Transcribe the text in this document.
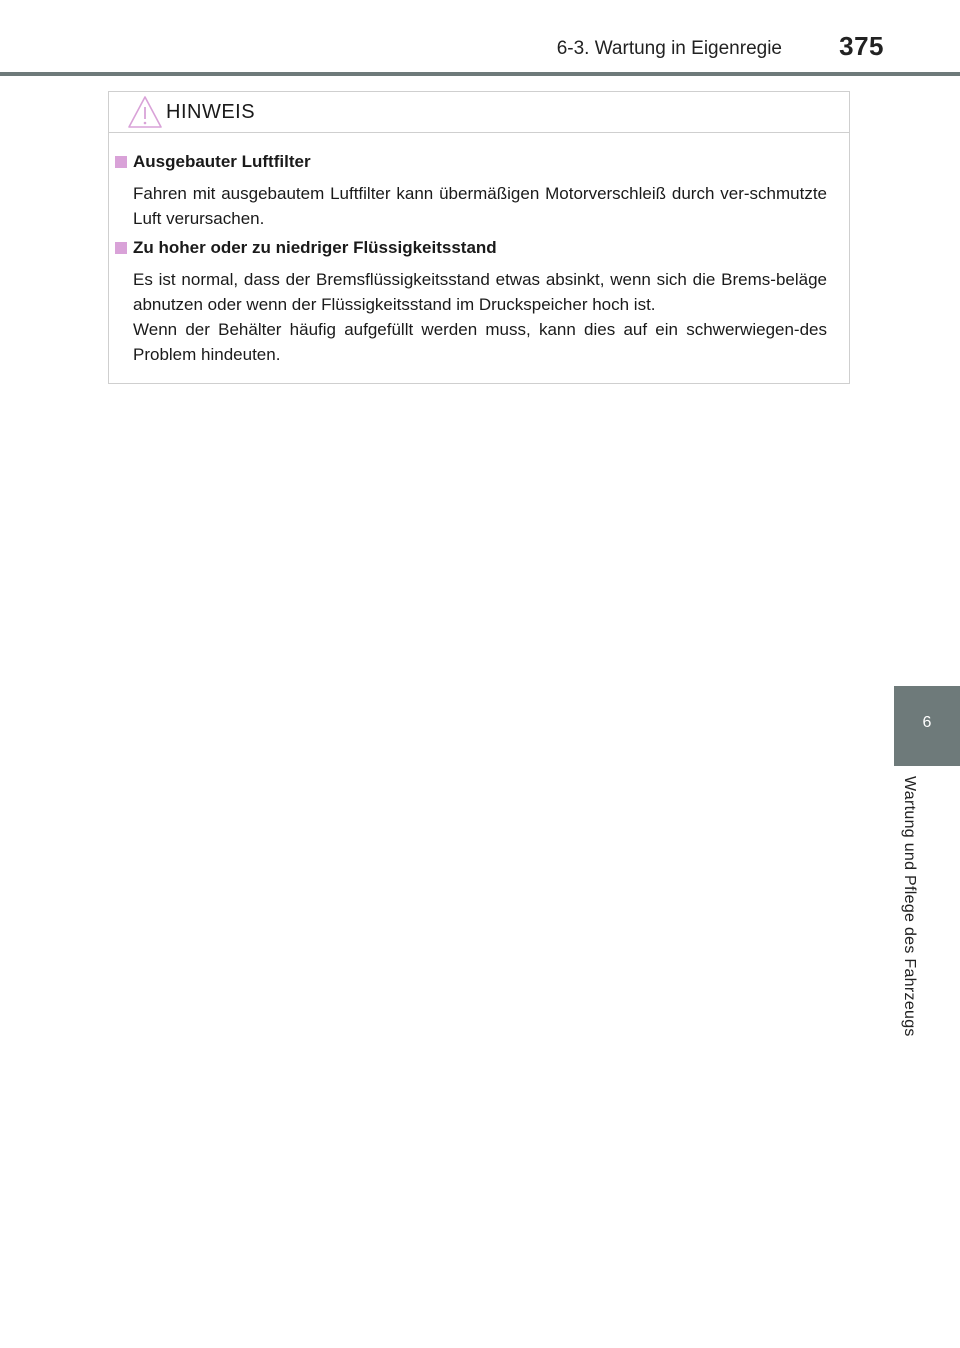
6-3. Wartung in Eigenregie 375
6
Wartung und Pflege des Fahrzeugs
HINWEIS
Ausgebauter Luftfilter

Fahren mit ausgebautem Luftfilter kann übermäßigen Motorverschleiß durch ver-schmutzte Luft verursachen.

Zu hoher oder zu niedriger Flüssigkeitsstand

Es ist normal, dass der Bremsflüssigkeitsstand etwas absinkt, wenn sich die Brems-beläge abnutzen oder wenn der Flüssigkeitsstand im Druckspeicher hoch ist.

Wenn der Behälter häufig aufgefüllt werden muss, kann dies auf ein schwerwiegen-des Problem hindeuten.
